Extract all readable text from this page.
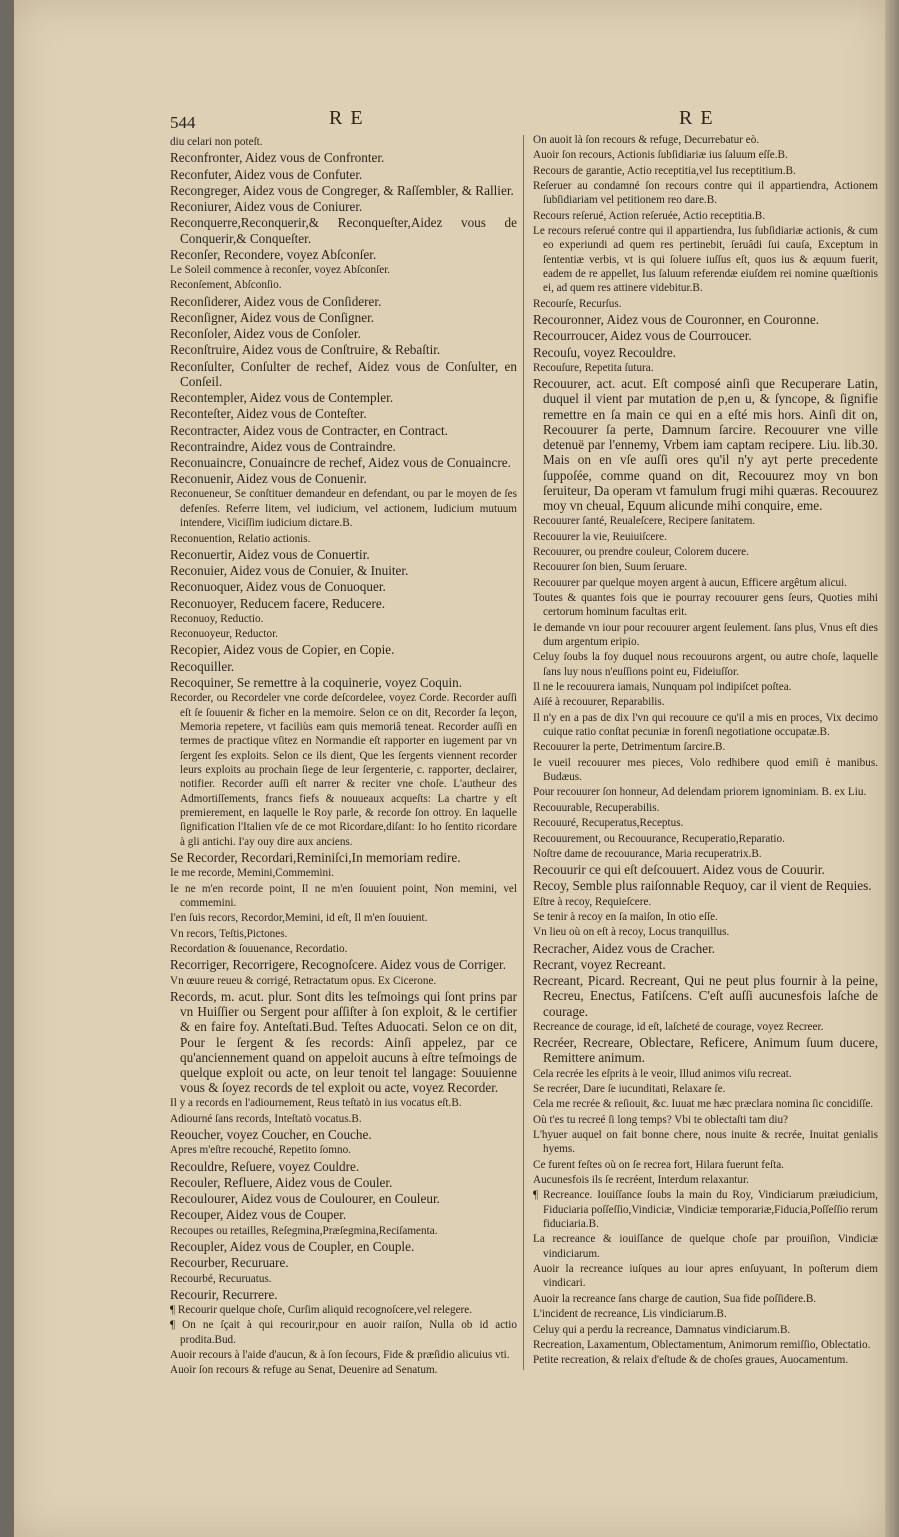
544	RE	RE
diu celari non poteſt.
Reconfronter, Aidez vous de Confronter.
Reconfuter, Aidez vous de Confuter.
Recongreger, Aidez vous de Congreger, & Raſſembler, & Rallier.
Reconiurer, Aidez vous de Coniurer.
Reconquerre,Reconquerir,& Reconqueſter,Aidez vous de Conquerir,& Conqueſter.
Reconſer, Recondere, voyez Abſconſer.
Le Soleil commence à reconſer, voyez Abſconſer.
Reconſement, Abſconſio.
Reconſiderer, Aidez vous de Conſiderer.
Reconſigner, Aidez vous de Conſigner.
Reconſoler, Aidez vous de Conſoler.
Reconſtruire, Aidez vous de Conſtruire, & Rebaſtir.
Reconſulter, Conſulter de rechef, Aidez vous de Conſulter, en Conſeil.
Recontempler, Aidez vous de Contempler.
Reconteſter, Aidez vous de Conteſter.
Recontracter, Aidez vous de Contracter, en Contract.
Recontraindre, Aidez vous de Contraindre.
Reconuaincre, Conuaincre de rechef, Aidez vous de Conuaincre.
Reconuenir, Aidez vous de Conuenir.
Reconueneur, Se conſtituer demandeur en defendant, ou par le moyen de ſes defenſes. Referre litem, vel iudicium, vel actionem, Iudicium mutuum intendere, Viciſſim iudicium dictare.B.
Reconuention, Relatio actionis.
Reconuertir, Aidez vous de Conuertir.
Reconuier, Aidez vous de Conuier, & Inuiter.
Reconuoquer, Aidez vous de Conuoquer.
Reconuoyer, Reducem facere, Reducere.
Reconuoy, Reductio.
Reconuoyeur, Reductor.
Recopier, Aidez vous de Copier, en Copie.
Recoquiller.
Recoquiner, Se remettre à la coquinerie, voyez Coquin.
Recorder, ou Recordeler vne corde deſcordelee, voyez Corde. Recorder auſſi eſt ſe ſouuenir & ficher en la memoire. Selon ce on dit, Recorder ſa leçon, Memoria repetere, vt faciliùs eam quis memoriâ teneat. Recorder auſſi en termes de practique vſitez en Normandie eſt rapporter en iugement par vn ſergent ſes exploits. Selon ce ils dient, Que les ſergents viennent recorder leurs exploits au prochain ſiege de leur ſergenterie, c. rapporter, declairer, notifier. Recorder auſſi eſt narrer & reciter vne choſe. L'autheur des Admortiſſements, francs fiefs & nouueaux acqueſts: La chartre y eſt premierement, en laquelle le Roy parle, & recorde ſon ottroy. En laquelle ſignification l'Italien vſe de ce mot Ricordare,diſant: Io ho ſentito ricordare à gli antichi. I'ay ouy dire aux anciens.
Se Recorder, Recordari,Reminiſci,In memoriam redire.
Ie me recorde, Memini,Commemini.
Ie ne m'en recorde point, Il ne m'en ſouuient point, Non memini, vel commemini.
I'en ſuis recors, Recordor,Memini, id eſt, Il m'en ſouuient.
Vn recors, Teſtis,Pictones.
Recordation & ſouuenance, Recordatio.
Recorriger, Recorrigere, Recognoſcere. Aidez vous de Corriger.
Vn œuure reueu & corrigé, Retractatum opus. Ex Cicerone.
Records, m. acut. plur. Sont dits les teſmoings qui ſont prins par vn Huiſſier ou Sergent pour aſſiſter à ſon exploit, & le certifier & en faire foy. Anteſtati.Bud. Teſtes Aduocati. Selon ce on dit, Pour le ſergent & ſes records: Ainſi appelez, par ce qu'anciennement quand on appeloit aucuns à eſtre teſmoings de quelque exploit ou acte, on leur tenoit tel langage: Souuienne vous & ſoyez records de tel exploit ou acte, voyez Recorder.
Il y a records en l'adiournement, Reus teſtatò in ius vocatus eſt.B.
Adiourné ſans records, Inteſtatò vocatus.B.
Reoucher, voyez Coucher, en Couche.
Apres m'eſtre recouché, Repetito ſomno.
Recouldre, Reſuere, voyez Couldre.
Recouler, Refluere, Aidez vous de Couler.
Recoulourer, Aidez vous de Coulourer, en Couleur.
Recouper, Aidez vous de Couper.
Recoupes ou retailles, Reſegmina,Præſegmina,Reciſamenta.
Recoupler, Aidez vous de Coupler, en Couple.
Recourber, Recuruare.
Recourbé, Recuruatus.
Recourir, Recurrere.
¶ Recourir quelque choſe, Curſim aliquid recognoſcere,vel relegere.
¶ On ne ſçait à qui recourir,pour en auoir raiſon, Nulla ob id actio prodita.Bud.
Auoir recours à l'aide d'aucun, & à ſon ſecours, Fide & præſidio alicuius vti.
Auoir ſon recours & refuge au Senat, Deuenire ad Senatum.
On auoit là ſon recours & refuge, Decurrebatur eò.
Auoir ſon recours, Actionis ſubſidiariæ ius ſaluum eſſe.B.
Recours de garantie, Actio receptitia,vel Ius receptitium.B.
Reſeruer au condamné ſon recours contre qui il appartiendra, Actionem ſubſidiariam vel petitionem reo dare.B.
Recours reſerué, Action reſeruée, Actio receptitia.B.
Le recours reſerué contre qui il appartiendra, Ius ſubſidiariæ actionis, & cum eo experiundi ad quem res pertinebit, ſeruâdi ſui cauſa, Exceptum in ſententiæ verbis, vt is qui ſoluere iuſſus eſt, quos ius & æquum fuerit, eadem de re appellet, Ius ſaluum referendæ eiuſdem rei nomine quæſtionis ei, ad quem res attinere videbitur.B.
Recourſe, Recurſus.
Recouronner, Aidez vous de Couronner, en Couronne.
Recourroucer, Aidez vous de Courroucer.
Recouſu, voyez Recouldre.
Recouſure, Repetita ſutura.
Recouurer, act. acut. Eſt composé ainſi que Recuperare Latin, duquel il vient par mutation de p,en u, & ſyncope, & ſignifie remettre en ſa main ce qui en a eſté mis hors. Ainſi dit on, Recouurer ſa perte, Damnum ſarcire. Recouurer vne ville detenuë par l'ennemy, Vrbem iam captam recipere. Liu. lib.30. Mais on en vſe auſſi ores qu'il n'y ayt perte precedente ſuppoſée, comme quand on dit, Recouurez moy vn bon ſeruiteur, Da operam vt famulum frugi mihi quæras. Recouurez moy vn cheual, Equum alicunde mihi conquire, eme.
Recouurer ſanté, Reualeſcere, Recipere ſanitatem.
Recouurer la vie, Reuiuiſcere.
Recouurer, ou prendre couleur, Colorem ducere.
Recouurer ſon bien, Suum ſeruare.
Recouurer par quelque moyen argent à aucun, Efficere argêtum alicui.
Toutes & quantes fois que ie pourray recouurer gens ſeurs, Quoties mihi certorum hominum facultas erit.
Ie demande vn iour pour recouurer argent ſeulement. ſans plus, Vnus eſt dies dum argentum eripio.
Celuy ſoubs la foy duquel nous recouurons argent, ou autre choſe, laquelle ſans luy nous n'euſſions point eu, Fideiuſſor.
Il ne le recouurera iamais, Nunquam pol indipiſcet poſtea.
Aiſé à recouurer, Reparabilis.
Il n'y en a pas de dix l'vn qui recouure ce qu'il a mis en proces, Vix decimo cuique ratio conſtat pecuniæ in forenſi negotiatione occupatæ.B.
Recouurer la perte, Detrimentum ſarcire.B.
Ie vueil recouurer mes pieces, Volo redhibere quod emiſi è manibus. Budæus.
Pour recouurer ſon honneur, Ad delendam priorem ignominiam. B. ex Liu.
Recouurable, Recuperabilis.
Recouuré, Recuperatus,Receptus.
Recouurement, ou Recouurance, Recuperatio,Reparatio.
Noſtre dame de recouurance, Maria recuperatrix.B.
Recouurir ce qui eſt deſcouuert. Aidez vous de Couurir.
Recoy, Semble plus raiſonnable Requoy, car il vient de Requies.
Eſtre à recoy, Requieſcere.
Se tenir à recoy en ſa maiſon, In otio eſſe.
Vn lieu où on eſt à recoy, Locus tranquillus.
Recracher, Aidez vous de Cracher.
Recrant, voyez Recreant.
Recreant, Picard. Recreant, Qui ne peut plus fournir à la peine, Recreu, Enectus, Fatiſcens. C'eſt auſſi aucunesfois laſche de courage.
Recreance de courage, id eſt, laſcheté de courage, voyez Recreer.
Recréer, Recreare, Oblectare, Reficere, Animum ſuum ducere, Remittere animum.
Cela recrée les eſprits à le veoir, Illud animos viſu recreat.
Se recréer, Dare ſe iucunditati, Relaxare ſe.
Cela me recrée & reſiouit, &c. Iuuat me hæc præclara nomina ſic concidiſſe.
Où t'es tu recreé ſi long temps? Vbi te oblectaſti tam diu?
L'hyuer auquel on fait bonne chere, nous inuite & recrée, Inuitat genialis hyems.
Ce furent feſtes où on ſe recrea fort, Hilara fuerunt feſta.
Aucunesfois ils ſe recréent, Interdum relaxantur.
¶ Recreance. Iouiſſance ſoubs la main du Roy, Vindiciarum præiudicium, Fiduciaria poſſeſſio,Vindiciæ, Vindiciæ temporariæ,Fiducia,Poſſeſſio rerum fiduciaria.B.
La recreance & iouiſſance de quelque choſe par prouiſion, Vindiciæ vindiciarum.
Auoir la recreance iuſques au iour apres enſuyuant, In poſterum diem vindicari.
Auoir la recreance ſans charge de caution, Sua fide poſſidere.B.
L'incident de recreance, Lis vindiciarum.B.
Celuy qui a perdu la recreance, Damnatus vindiciarum.B.
Recreation, Laxamentum, Oblectamentum, Animorum remiſſio, Oblectatio.
Petite recreation, & relaix d'eſtude & de choſes graues, Auocamentum.
